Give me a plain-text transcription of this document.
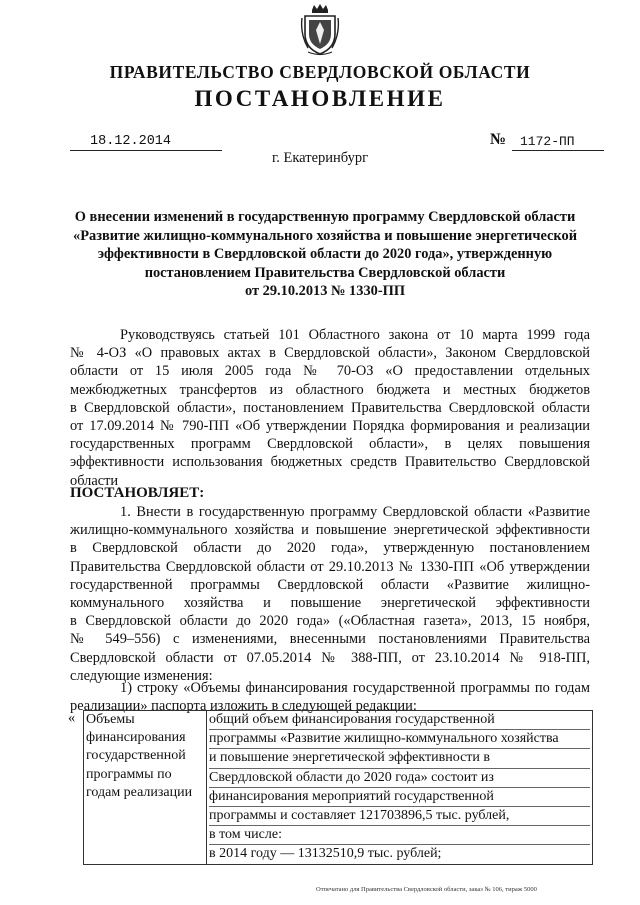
ПРАВИТЕЛЬСТВО СВЕРДЛОВСКОЙ ОБЛАСТИ
ПОСТАНОВЛЕНИЕ
18.12.2014	№	1172-ПП
г. Екатеринбург
О внесении изменений в государственную программу Свердловской области
«Развитие жилищно-коммунального хозяйства и повышение энергетической
эффективности в Свердловской области до 2020 года», утвержденную
постановлением Правительства Свердловской области
от 29.10.2013 № 1330-ПП
Руководствуясь статьей 101 Областного закона от 10 марта 1999 года
№ 4-ОЗ «О правовых актах в Свердловской области», Законом Свердловской
области от 15 июля 2005 года № 70-ОЗ «О предоставлении отдельных
межбюджетных трансфертов из областного бюджета и местных бюджетов
в Свердловской области», постановлением Правительства Свердловской области
от 17.09.2014 № 790-ПП «Об утверждении Порядка формирования и реализации
государственных программ Свердловской области», в целях повышения
эффективности использования бюджетных средств Правительство Свердловской
области
ПОСТАНОВЛЯЕТ:
1. Внести в государственную программу Свердловской области «Развитие
жилищно-коммунального хозяйства и повышение энергетической эффективности
в Свердловской области до 2020 года», утвержденную постановлением
Правительства Свердловской области от 29.10.2013 № 1330-ПП «Об утверждении
государственной программы Свердловской области «Развитие жилищно-
коммунального хозяйства и повышение энергетической эффективности
в Свердловской области до 2020 года» («Областная газета», 2013, 15 ноября,
№ 549–556) с изменениями, внесенными постановлениями Правительства
Свердловской области от 07.05.2014 № 388-ПП, от 23.10.2014 № 918-ПП,
следующие изменения:
1) строку «Объемы финансирования государственной программы по годам
реализации» паспорта изложить в следующей редакции:
« Объемы
финансирования
государственной
программы по
годам реализации

общий объем финансирования государственной
программы «Развитие жилищно-коммунального хозяйства
и повышение энергетической эффективности в
Свердловской области до 2020 года» состоит из
финансирования мероприятий государственной
программы и составляет 121703896,5 тыс. рублей,
в том числе:
в 2014 году — 13132510,9 тыс. рублей;
Отпечатано для Правительства Свердловской области, заказ № 106, тираж 5000
